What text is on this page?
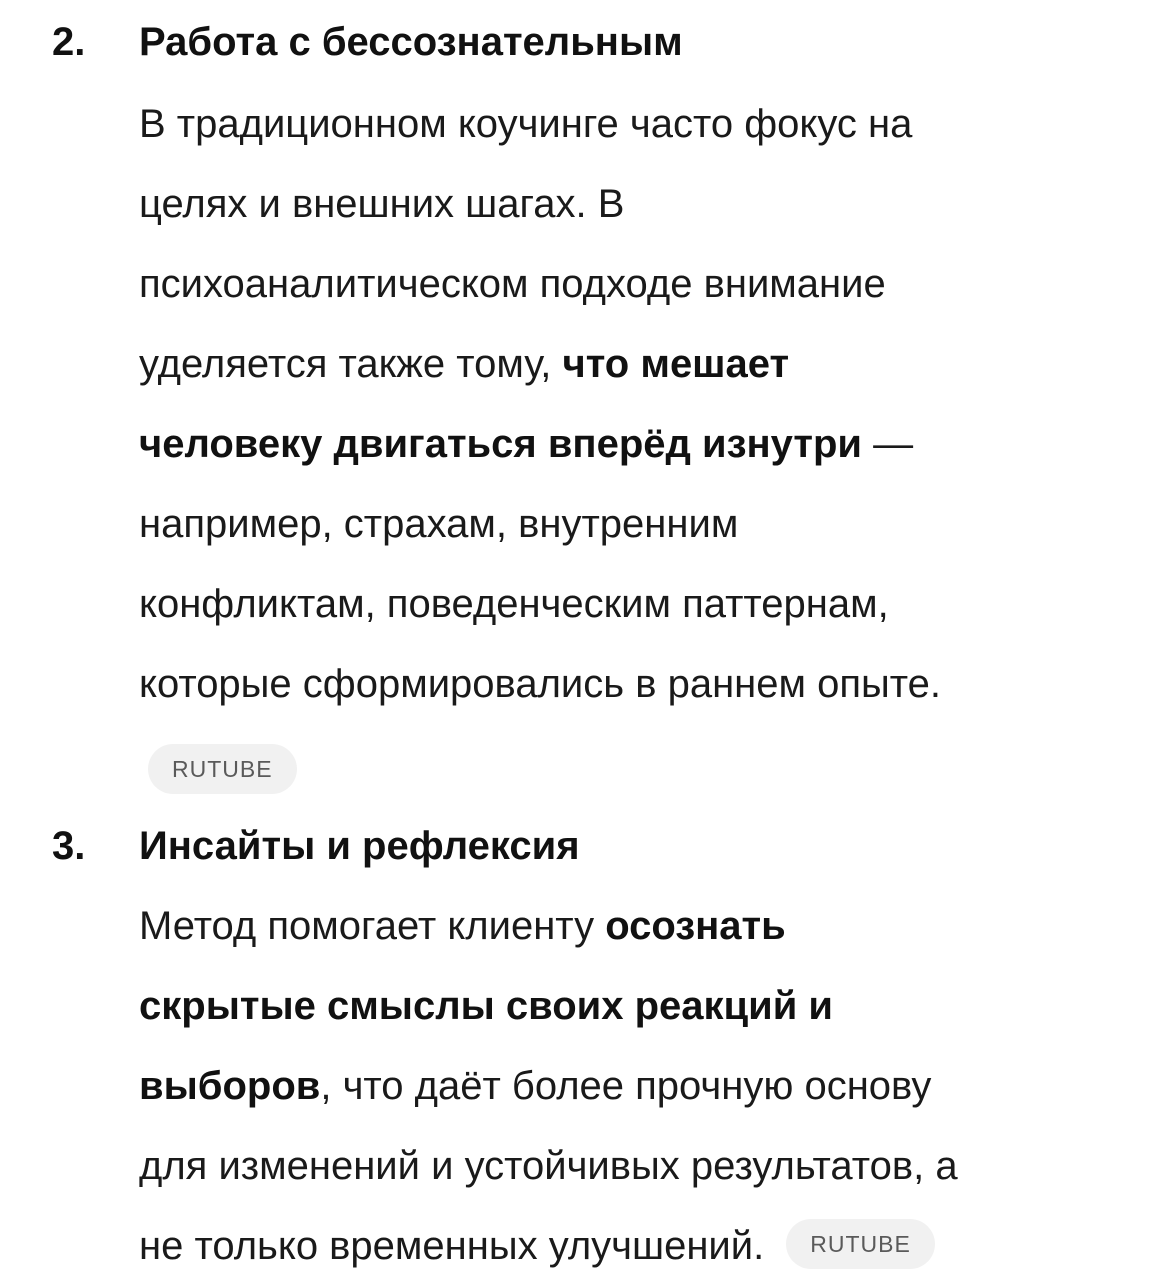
2. Работа с бессознательным
В традиционном коучинге часто фокус на
целях и внешних шагах. В
психоаналитическом подходе внимание
уделяется также тому, что мешает
человеку двигаться вперёд изнутри —
например, страхам, внутренним
конфликтам, поведенческим паттернам,
которые сформировались в раннем опыте.
RUTUBE
3. Инсайты и рефлексия
Метод помогает клиенту осознать
скрытые смыслы своих реакций и
выборов, что даёт более прочную основу
для изменений и устойчивых результатов, а
не только временных улучшений. RUTUBE
